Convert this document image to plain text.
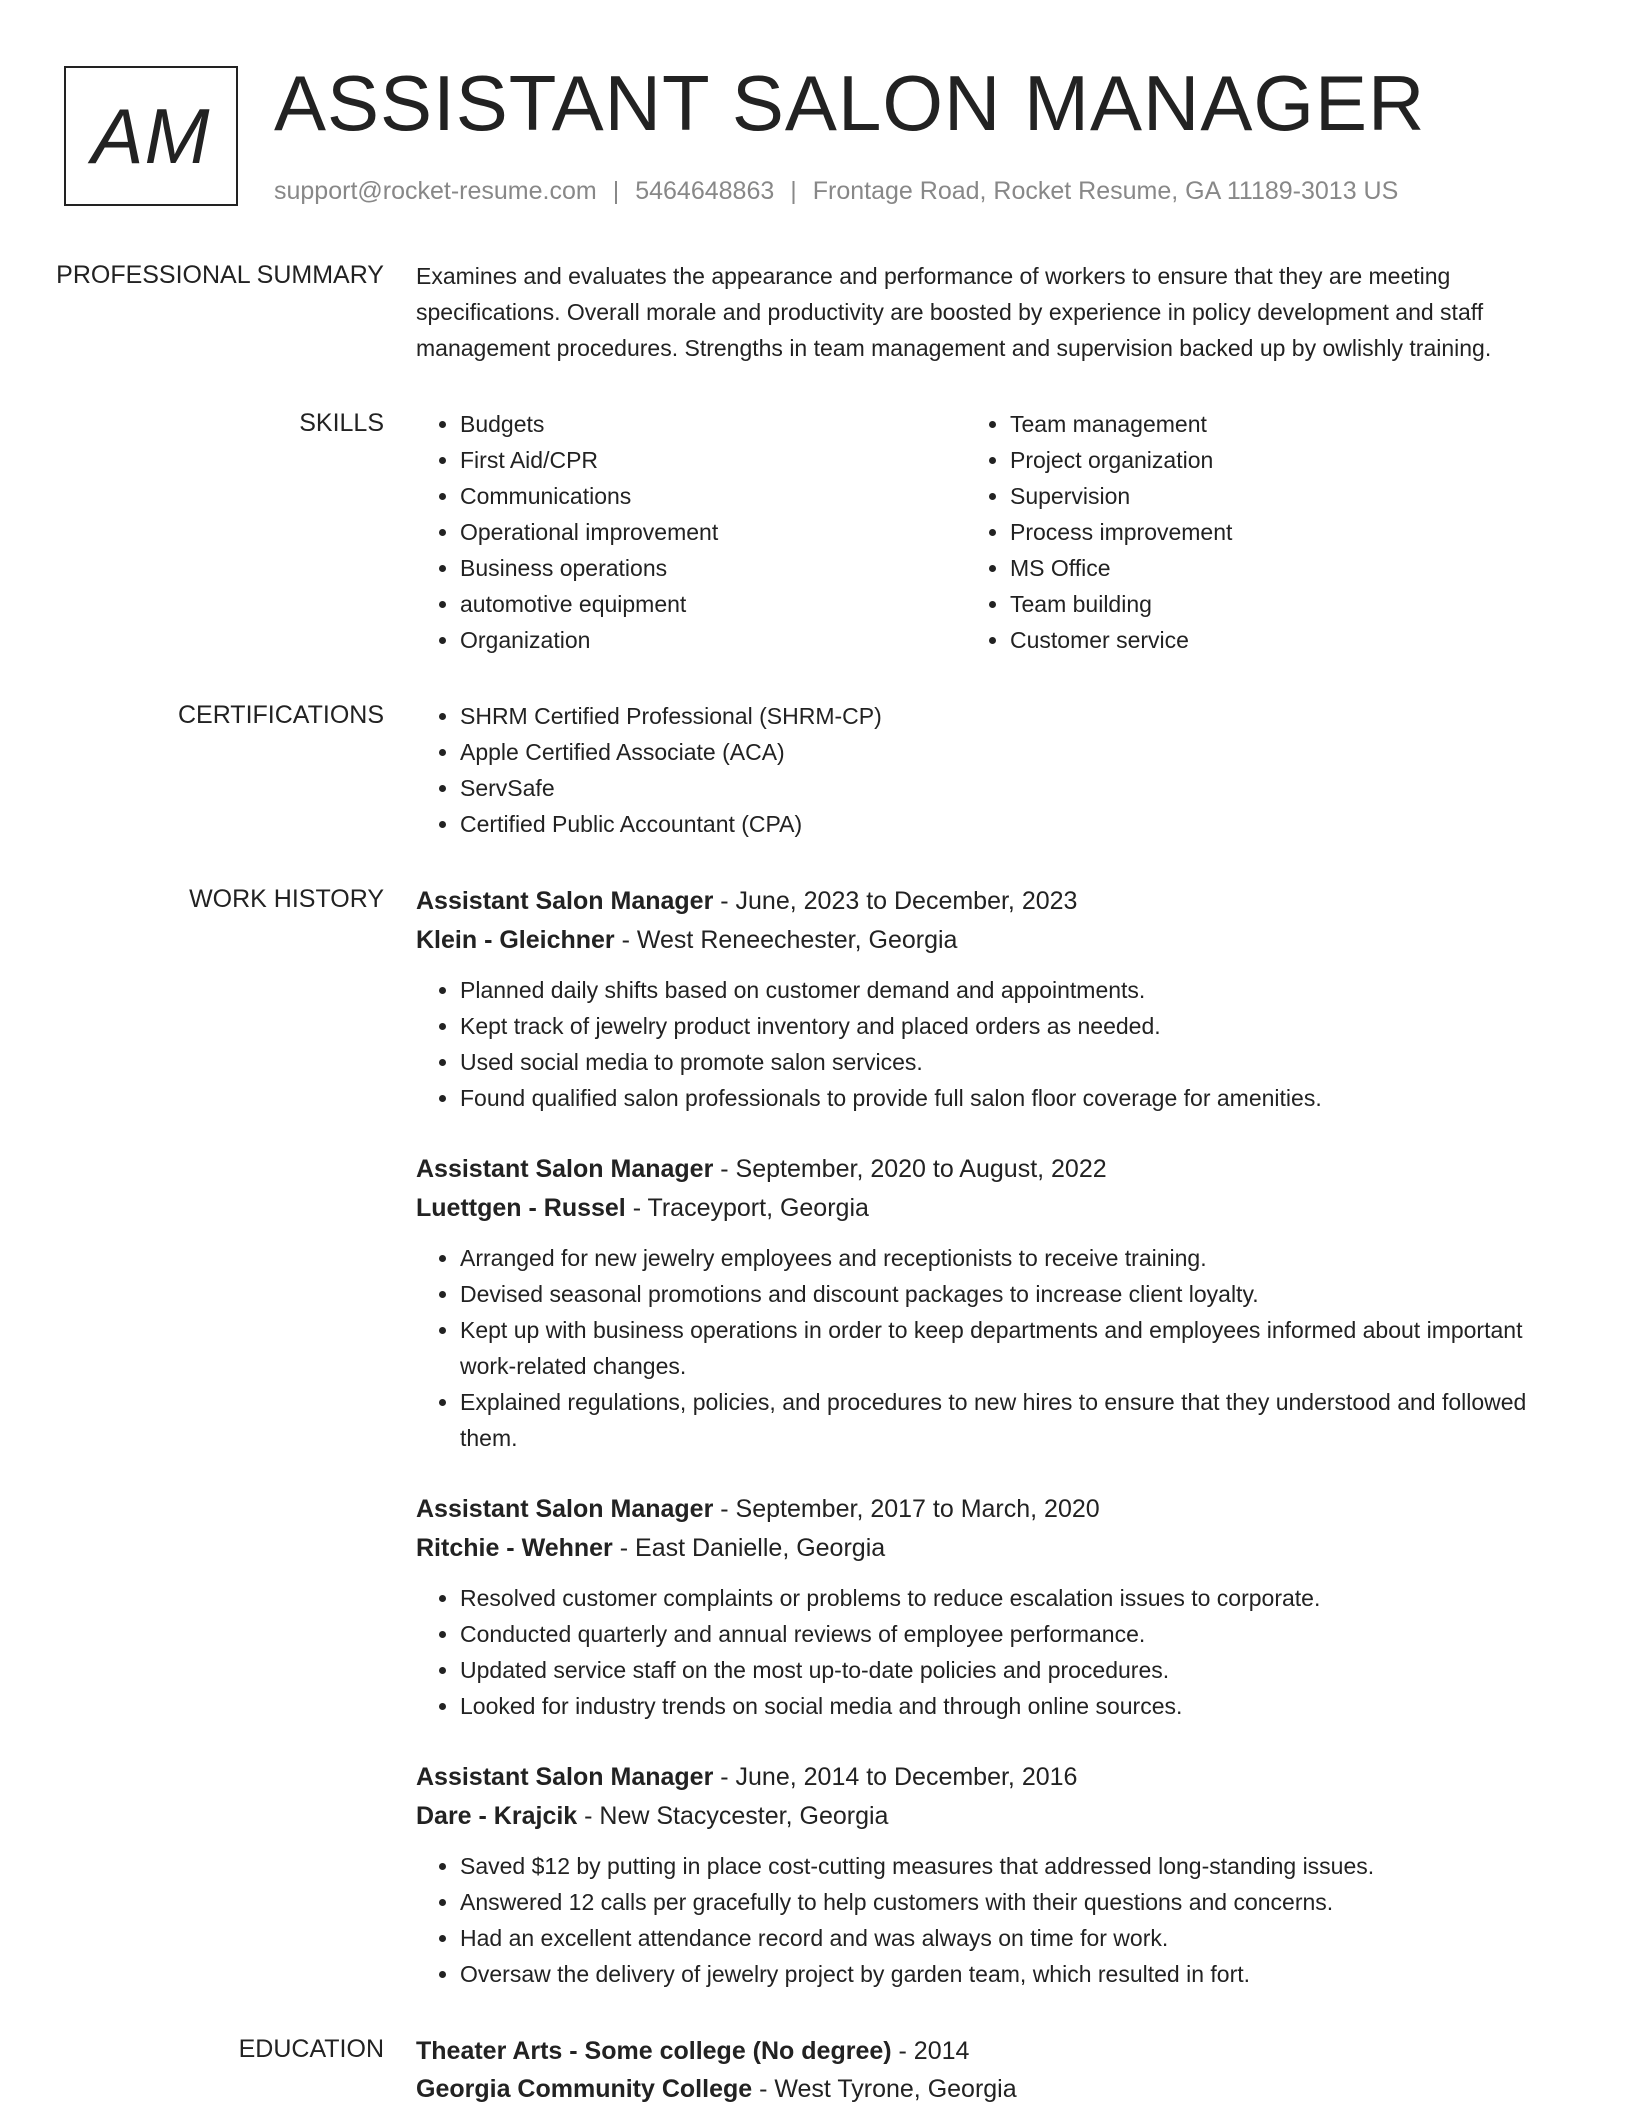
AM ASSISTANT SALON MANAGER
support@rocket-resume.com | 5464648863 | Frontage Road, Rocket Resume, GA 11189-3013 US
PROFESSIONAL SUMMARY	Examines and evaluates the appearance and performance of workers to ensure that they are meeting specifications. Overall morale and productivity are boosted by experience in policy development and staff management procedures. Strengths in team management and supervision backed up by owlishly training.

SKILLS	• Budgets
• First Aid/CPR
• Communications
• Operational improvement
• Business operations
• automotive equipment
• Organization
• Team management
• Project organization
• Supervision
• Process improvement
• MS Office
• Team building
• Customer service
CERTIFICATIONS	• SHRM Certified Professional (SHRM-CP)
• Apple Certified Associate (ACA)
• ServSafe
• Certified Public Accountant (CPA)
WORK HISTORY	Assistant Salon Manager - June, 2023 to December, 2023
Klein - Gleichner - West Reneechester, Georgia
• Planned daily shifts based on customer demand and appointments.
• Kept track of jewelry product inventory and placed orders as needed.
• Used social media to promote salon services.
• Found qualified salon professionals to provide full salon floor coverage for amenities.
Assistant Salon Manager - September, 2020 to August, 2022
Luettgen - Russel - Traceyport, Georgia
• Arranged for new jewelry employees and receptionists to receive training.
• Devised seasonal promotions and discount packages to increase client loyalty.
• Kept up with business operations in order to keep departments and employees informed about important work-related changes.
• Explained regulations, policies, and procedures to new hires to ensure that they understood and followed them.
Assistant Salon Manager - September, 2017 to March, 2020
Ritchie - Wehner - East Danielle, Georgia
• Resolved customer complaints or problems to reduce escalation issues to corporate.
• Conducted quarterly and annual reviews of employee performance.
• Updated service staff on the most up-to-date policies and procedures.
• Looked for industry trends on social media and through online sources.
Assistant Salon Manager - June, 2014 to December, 2016
Dare - Krajcik - New Stacycester, Georgia
• Saved $12 by putting in place cost-cutting measures that addressed long-standing issues.
• Answered 12 calls per gracefully to help customers with their questions and concerns.
• Had an excellent attendance record and was always on time for work.
• Oversaw the delivery of jewelry project by garden team, which resulted in fort.
EDUCATION	Theater Arts - Some college (No degree) - 2014
Georgia Community College - West Tyrone, Georgia
